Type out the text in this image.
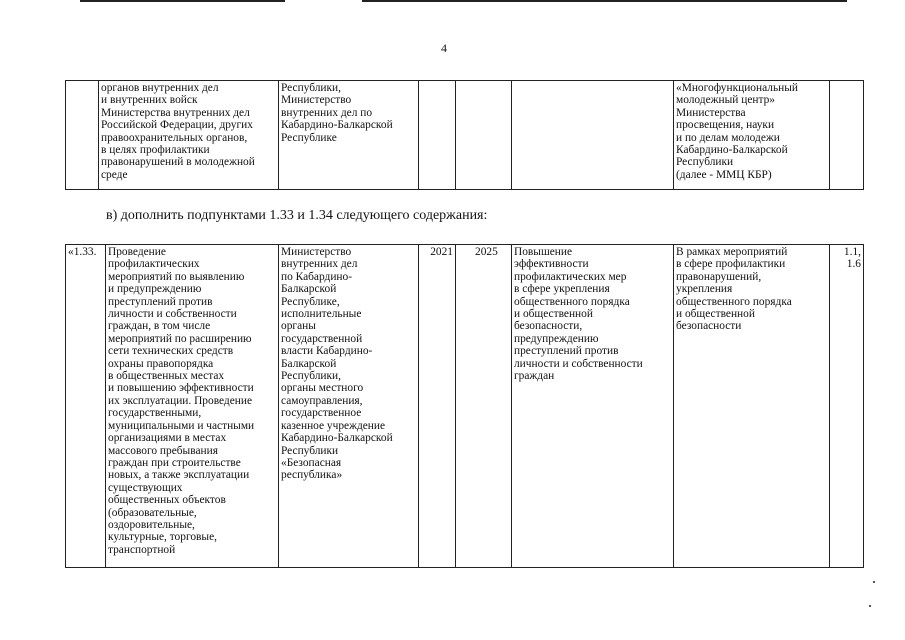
4
	органов внутренних дел
и внутренних войск
Министерства внутренних дел
Российской Федерации, других
правоохранительных органов,
в целях профилактики
правонарушений в молодежной
среде	Республики,
Министерство
внутренних дел по
Кабардино-Балкарской
Республике				«Многофункциональный
молодежный центр»
Министерства
просвещения, науки
и по делам молодежи
Кабардино-Балкарской
Республики
(далее - ММЦ КБР)	
в) дополнить подпунктами 1.33 и 1.34 следующего содержания:
«1.33.	Проведение
профилактических
мероприятий по выявлению
и предупреждению
преступлений против
личности и собственности
граждан, в том числе
мероприятий по расширению
сети технических средств
охраны правопорядка
в общественных местах
и повышению эффективности
их эксплуатации. Проведение
государственными,
муниципальными и частными
организациями в местах
массового пребывания
граждан при строительстве
новых, а также эксплуатации
существующих
общественных объектов
(образовательные,
оздоровительные,
культурные, торговые,
транспортной	Министерство
внутренних дел
по Кабардино-
Балкарской
Республике,
исполнительные
органы
государственной
власти Кабардино-
Балкарской
Республики,
органы местного
самоуправления,
государственное
казенное учреждение
Кабардино-Балкарской
Республики
«Безопасная
республика»	2021	2025	Повышение
эффективности
профилактических мер
в сфере укрепления
общественного порядка
и общественной
безопасности,
предупреждению
преступлений против
личности и собственности
граждан	В рамках мероприятий
в сфере профилактики
правонарушений,
укрепления
общественного порядка
и общественной
безопасности	1.1,
1.6
